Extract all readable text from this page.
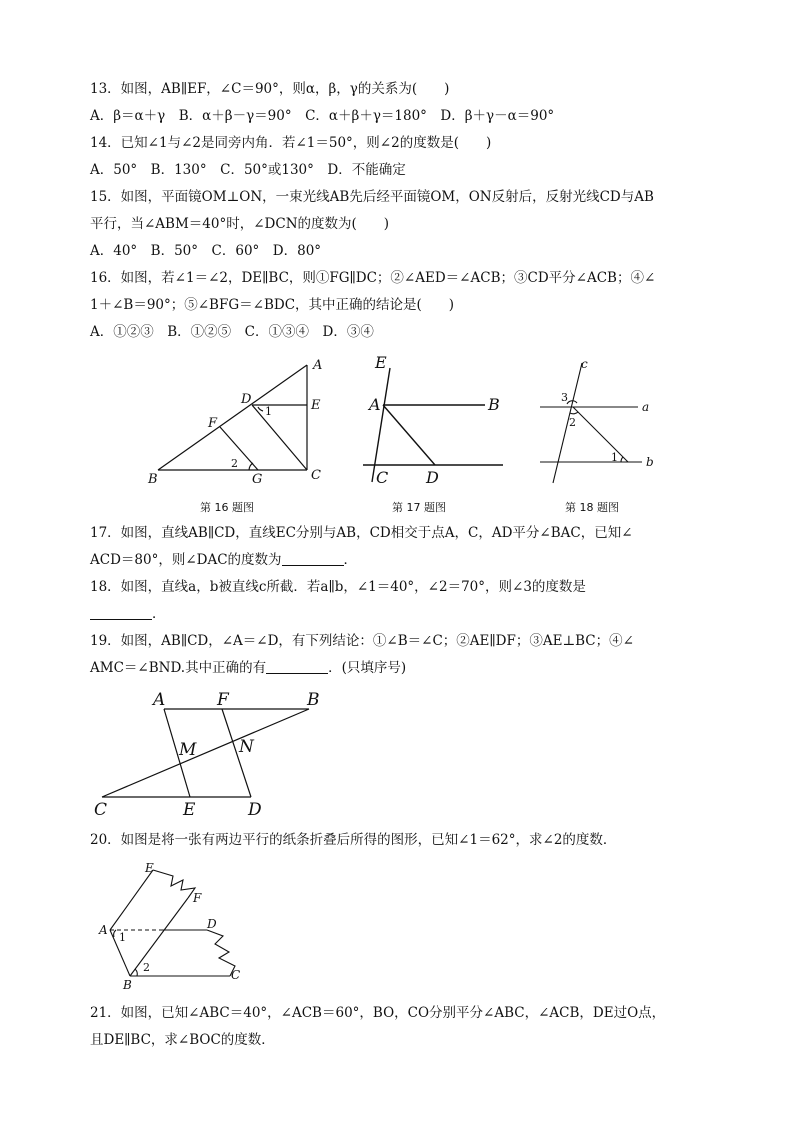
13．如图，AB∥EF，∠C＝90°，则α，β，γ的关系为(　　)
A．β＝α＋γ　B．α＋β－γ＝90°　C．α＋β＋γ＝180°　D．β＋γ－α＝90°
14．已知∠1与∠2是同旁内角．若∠1＝50°，则∠2的度数是(　　)
A．50°　B．130°　C．50°或130°　D．不能确定
15．如图，平面镜OM⊥ON，一束光线AB先后经平面镜OM，ON反射后，反射光线CD与AB
平行，当∠ABM＝40°时，∠DCN的度数为(　　)
A．40°　B．50°　C．60°　D．80°
16．如图，若∠1＝∠2，DE∥BC，则①FG∥DC；②∠AED＝∠ACB；③CD平分∠ACB；④∠
1＋∠B＝90°；⑤∠BFG＝∠BDC，其中正确的结论是(　　)
A．①②③　B．①②⑤　C．①③④　D．③④
A
B	C
D	E
F
G
1
2
第 16 题图
E
A	B
C D
第 17 题图
c
a
b
3
2
1
第 18 题图
17．如图，直线AB∥CD，直线EC分别与AB，CD相交于点A，C，AD平分∠BAC，已知∠
ACD＝80°，则∠DAC的度数为	．
18．如图，直线a，b被直线c所截．若a∥b，∠1＝40°，∠2＝70°，则∠3的度数是
．
19．如图，AB∥CD，∠A＝∠D，有下列结论：①∠B＝∠C；②AE∥DF；③AE⊥BC；④∠
AMC＝∠BND.其中正确的有	．(只填序号)
A	F	B
M	N
C	E	D
20．如图是将一张有两边平行的纸条折叠后所得的图形，已知∠1＝62°，求∠2的度数．
E
F
A	D
B
C
1
2
21．如图，已知∠ABC＝40°，∠ACB＝60°，BO，CO分别平分∠ABC，∠ACB，DE过O点，
且DE∥BC，求∠BOC的度数．
